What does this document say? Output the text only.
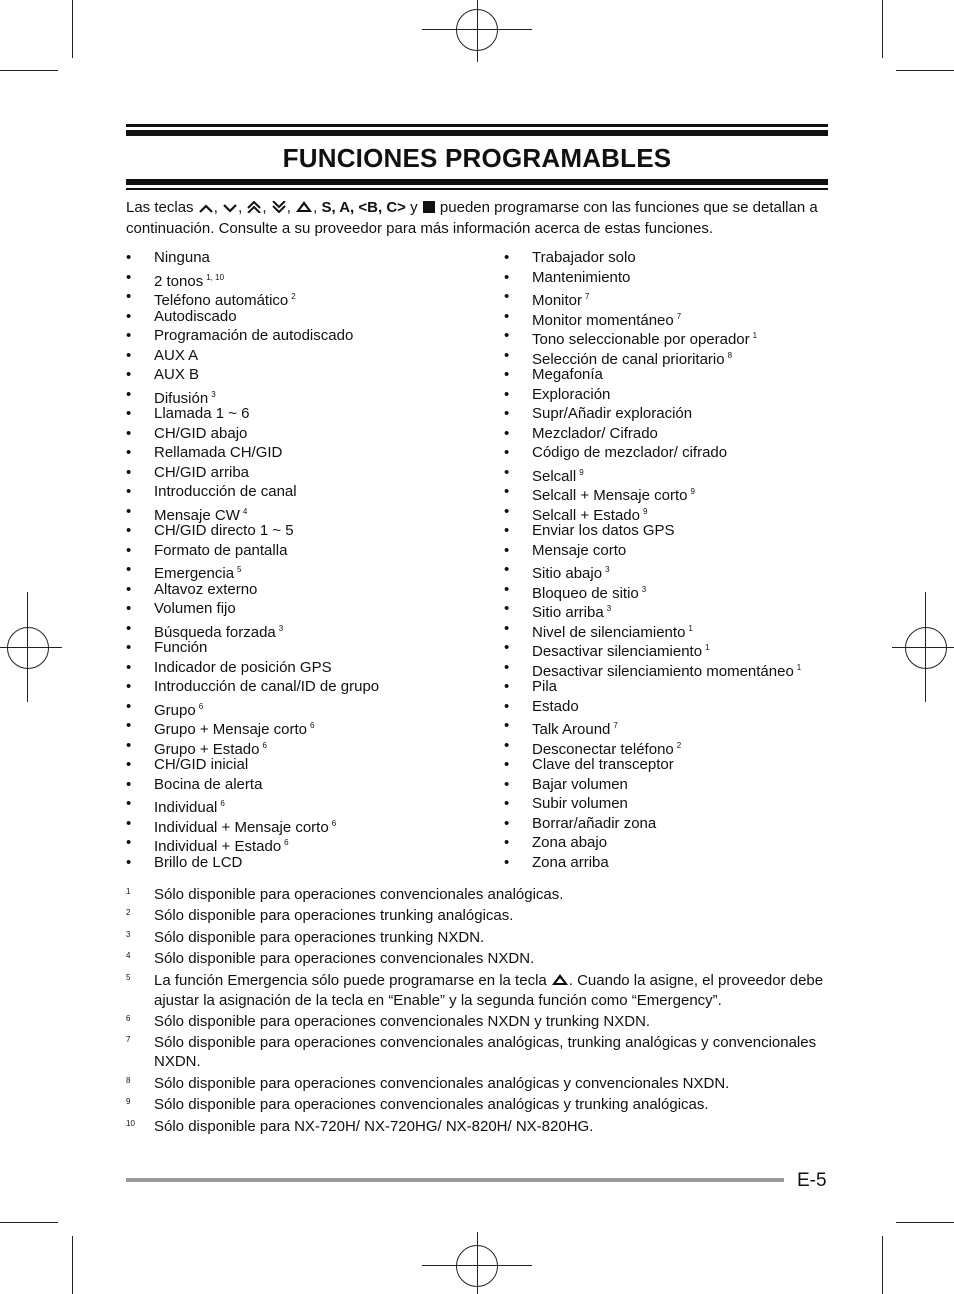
FUNCIONES PROGRAMABLES
Las teclas , , , , , S, A, <B, C> y  pueden programarse con las funciones que se detallan a continuación. Consulte a su proveedor para más información acerca de estas funciones.
• Ninguna
• 2 tonos $^{1, 10}$
• Teléfono automático $^2$
• Autodiscado
• Programación de autodiscado
• AUX A
• AUX B
• Difusión $^3$
• Llamada 1 ~ 6
• CH/GID abajo
• Rellamada CH/GID
• CH/GID arriba
• Introducción de canal
• Mensaje CW $^4$
• CH/GID directo 1 ~ 5
• Formato de pantalla
• Emergencia $^5$
• Altavoz externo
• Volumen fijo
• Búsqueda forzada $^3$
• Función
• Indicador de posición GPS
• Introducción de canal/ID de grupo
• Grupo $^6$
• Grupo + Mensaje corto $^6$
• Grupo + Estado $^6$
• CH/GID inicial
• Bocina de alerta
• Individual $^6$
• Individual + Mensaje corto $^6$
• Individual + Estado $^6$
• Brillo de LCD
• Trabajador solo
• Mantenimiento
• Monitor $^7$
• Monitor momentáneo $^7$
• Tono seleccionable por operador $^1$
• Selección de canal prioritario $^8$
• Megafonía
• Exploración
• Supr/Añadir exploración
• Mezclador/ Cifrado
• Código de mezclador/ cifrado
• Selcall $^9$
• Selcall + Mensaje corto $^9$
• Selcall + Estado $^9$
• Enviar los datos GPS
• Mensaje corto
• Sitio abajo $^3$
• Bloqueo de sitio $^3$
• Sitio arriba $^3$
• Nivel de silenciamiento $^1$
• Desactivar silenciamiento $^1$
• Desactivar silenciamiento momentáneo $^1$
• Pila
• Estado
• Talk Around $^7$
• Desconectar teléfono $^2$
• Clave del transceptor
• Bajar volumen
• Subir volumen
• Borrar/añadir zona
• Zona abajo
• Zona arriba
1 Sólo disponible para operaciones convencionales analógicas.
2 Sólo disponible para operaciones trunking analógicas.
3 Sólo disponible para operaciones trunking NXDN.
4 Sólo disponible para operaciones convencionales NXDN.
5 La función Emergencia sólo puede programarse en la tecla . Cuando la asigne, el proveedor debe ajustar la asignación de la tecla en “Enable” y la segunda función como “Emergency”.
6 Sólo disponible para operaciones convencionales NXDN y trunking NXDN.
7 Sólo disponible para operaciones convencionales analógicas, trunking analógicas y convencionales NXDN.
8 Sólo disponible para operaciones convencionales analógicas y convencionales NXDN.
9 Sólo disponible para operaciones convencionales analógicas y trunking analógicas.
10 Sólo disponible para NX-720H/ NX-720HG/ NX-820H/ NX-820HG.
E-5
